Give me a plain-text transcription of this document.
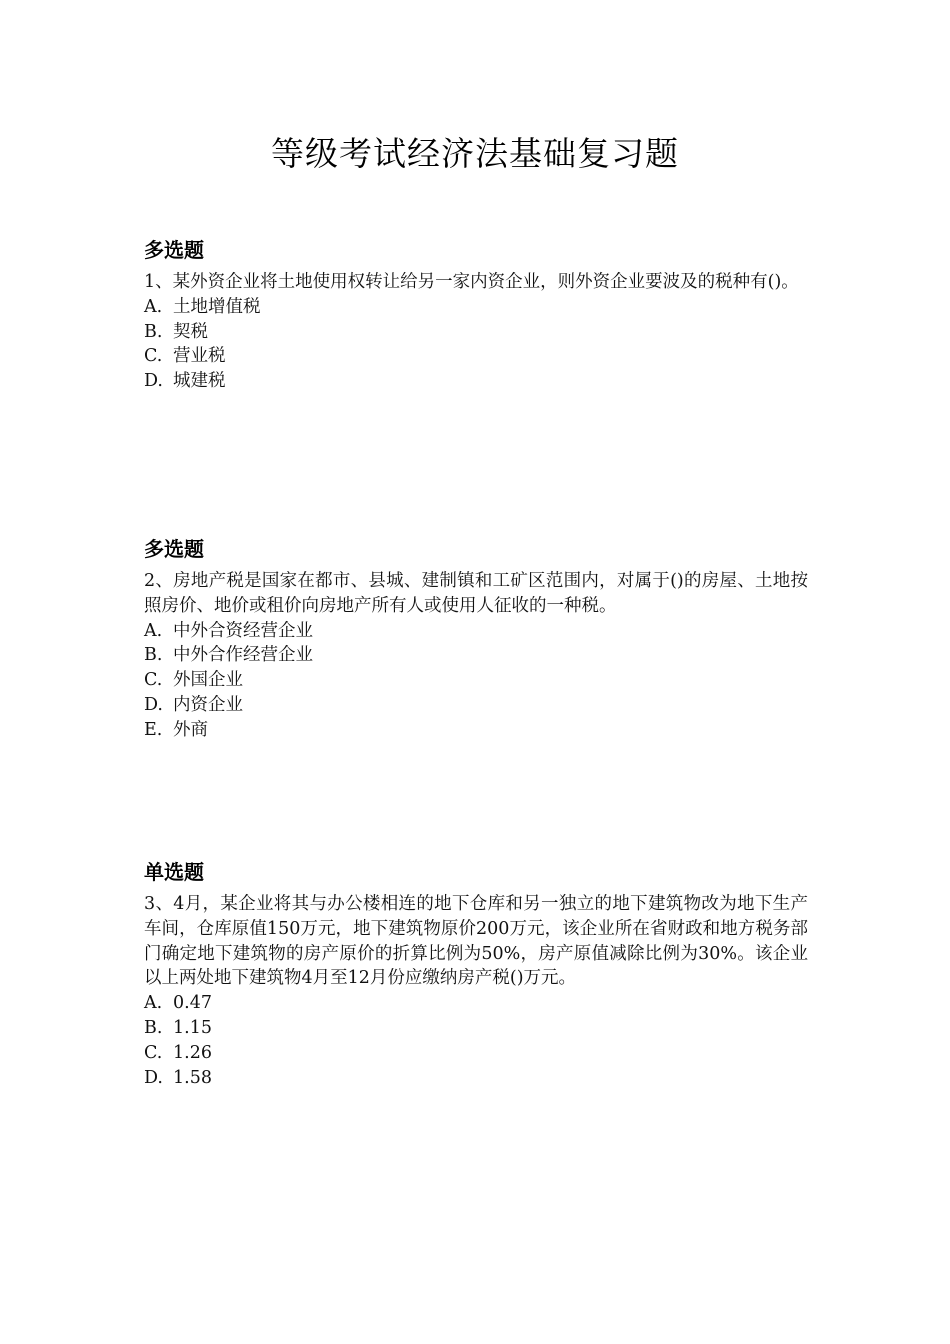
等级考试经济法基础复习题
多选题
1、某外资企业将土地使用权转让给另一家内资企业，则外资企业要波及的税种有()。
A. 土地增值税
B. 契税
C. 营业税
D. 城建税
多选题
2、房地产税是国家在都市、县城、建制镇和工矿区范围内，对属于()的房屋、土地按照房价、地价或租价向房地产所有人或使用人征收的一种税。
A. 中外合资经营企业
B. 中外合作经营企业
C. 外国企业
D. 内资企业
E. 外商
单选题
3、4月，某企业将其与办公楼相连的地下仓库和另一独立的地下建筑物改为地下生产车间，仓库原值150万元，地下建筑物原价200万元，该企业所在省财政和地方税务部门确定地下建筑物的房产原价的折算比例为50%，房产原值减除比例为30%。该企业以上两处地下建筑物4月至12月份应缴纳房产税()万元。
A. 0.47
B. 1.15
C. 1.26
D. 1.58
